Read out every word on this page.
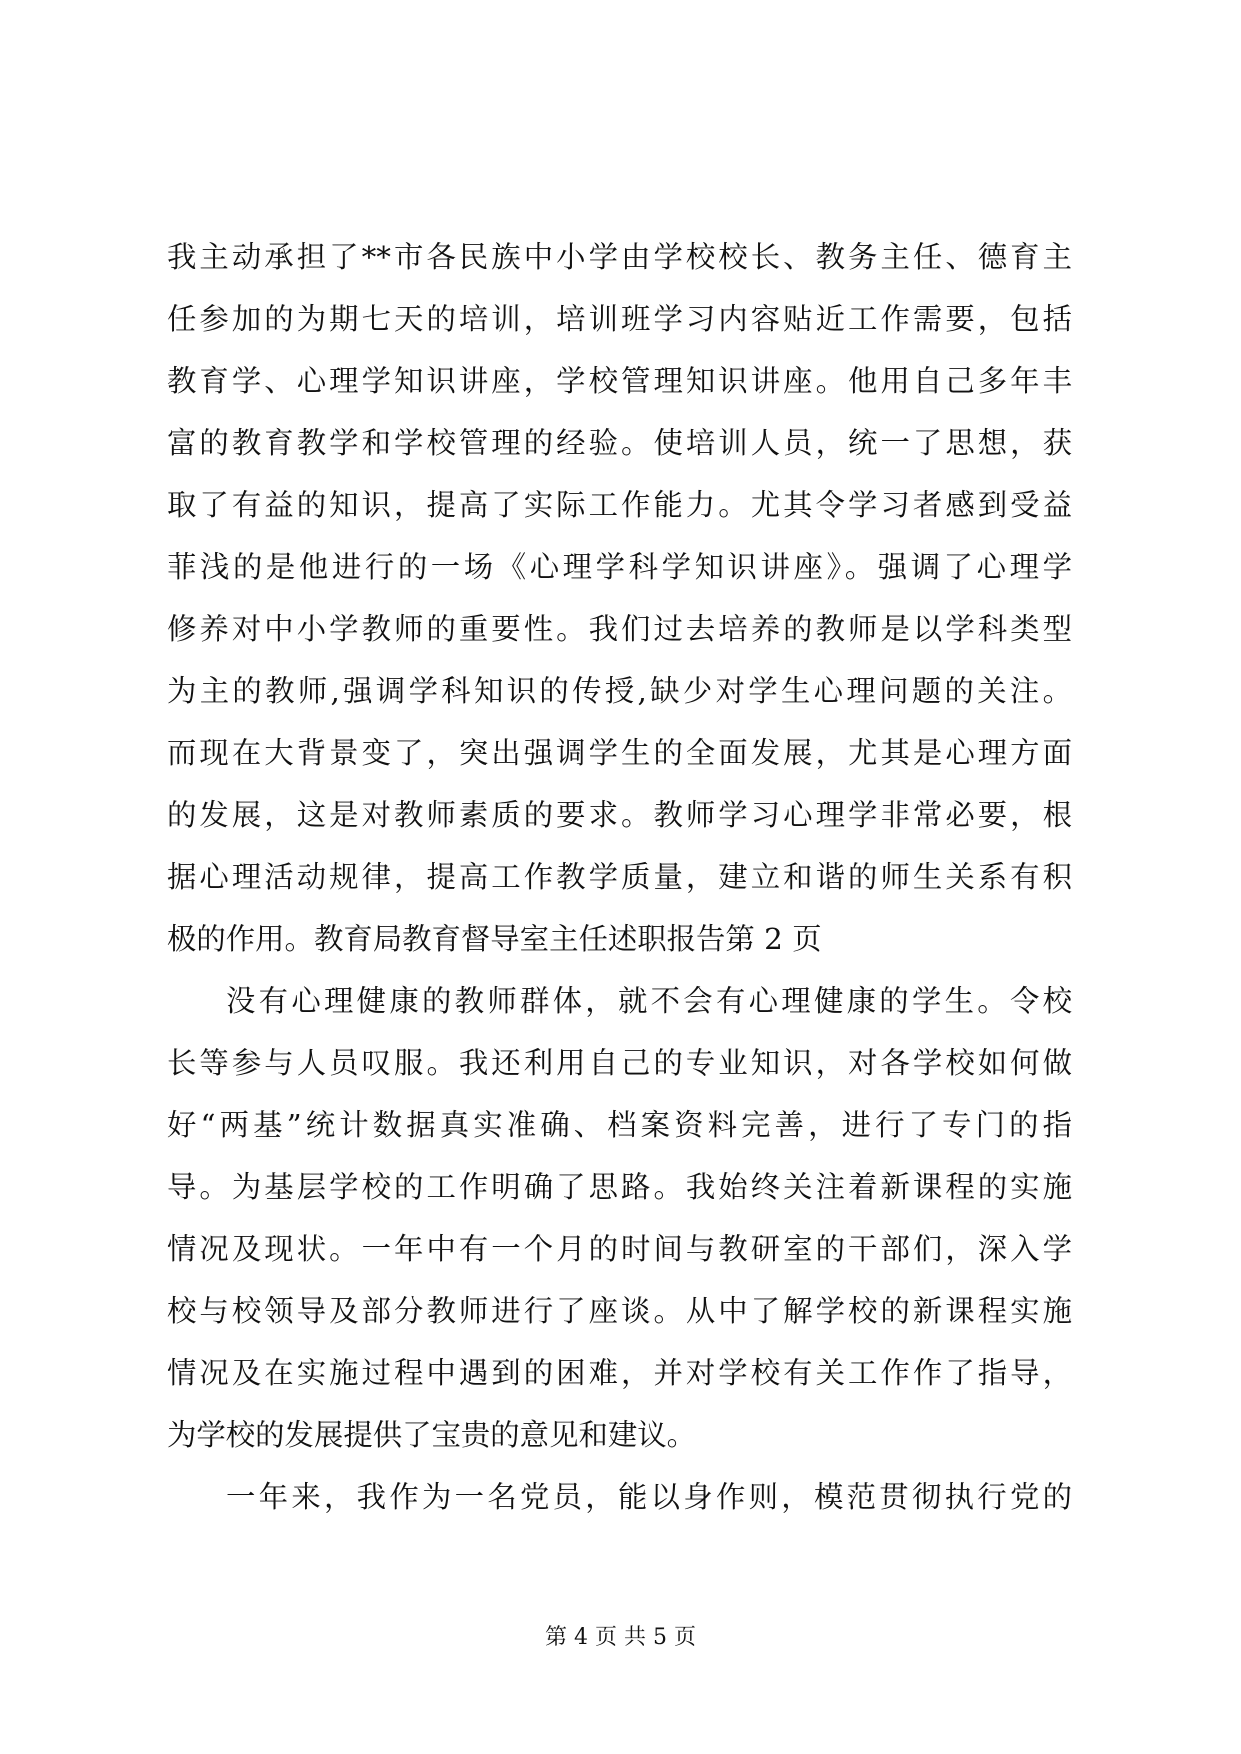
我主动承担了**市各民族中小学由学校校长、教务主任、德育主
任参加的为期七天的培训，培训班学习内容贴近工作需要，包括
教育学、心理学知识讲座，学校管理知识讲座。他用自己多年丰
富的教育教学和学校管理的经验。使培训人员，统一了思想，获
取了有益的知识，提高了实际工作能力。尤其令学习者感到受益
菲浅的是他进行的一场《心理学科学知识讲座》。强调了心理学
修养对中小学教师的重要性。我们过去培养的教师是以学科类型
为主的教师,强调学科知识的传授,缺少对学生心理问题的关注。
而现在大背景变了，突出强调学生的全面发展，尤其是心理方面
的发展，这是对教师素质的要求。教师学习心理学非常必要，根
据心理活动规律，提高工作教学质量，建立和谐的师生关系有积
极的作用。教育局教育督导室主任述职报告第 2 页
没有心理健康的教师群体，就不会有心理健康的学生。令校
长等参与人员叹服。我还利用自己的专业知识，对各学校如何做
好“两基”统计数据真实准确、档案资料完善，进行了专门的指
导。为基层学校的工作明确了思路。我始终关注着新课程的实施
情况及现状。一年中有一个月的时间与教研室的干部们，深入学
校与校领导及部分教师进行了座谈。从中了解学校的新课程实施
情况及在实施过程中遇到的困难，并对学校有关工作作了指导，
为学校的发展提供了宝贵的意见和建议。
一年来，我作为一名党员，能以身作则，模范贯彻执行党的
第 4 页 共 5 页
